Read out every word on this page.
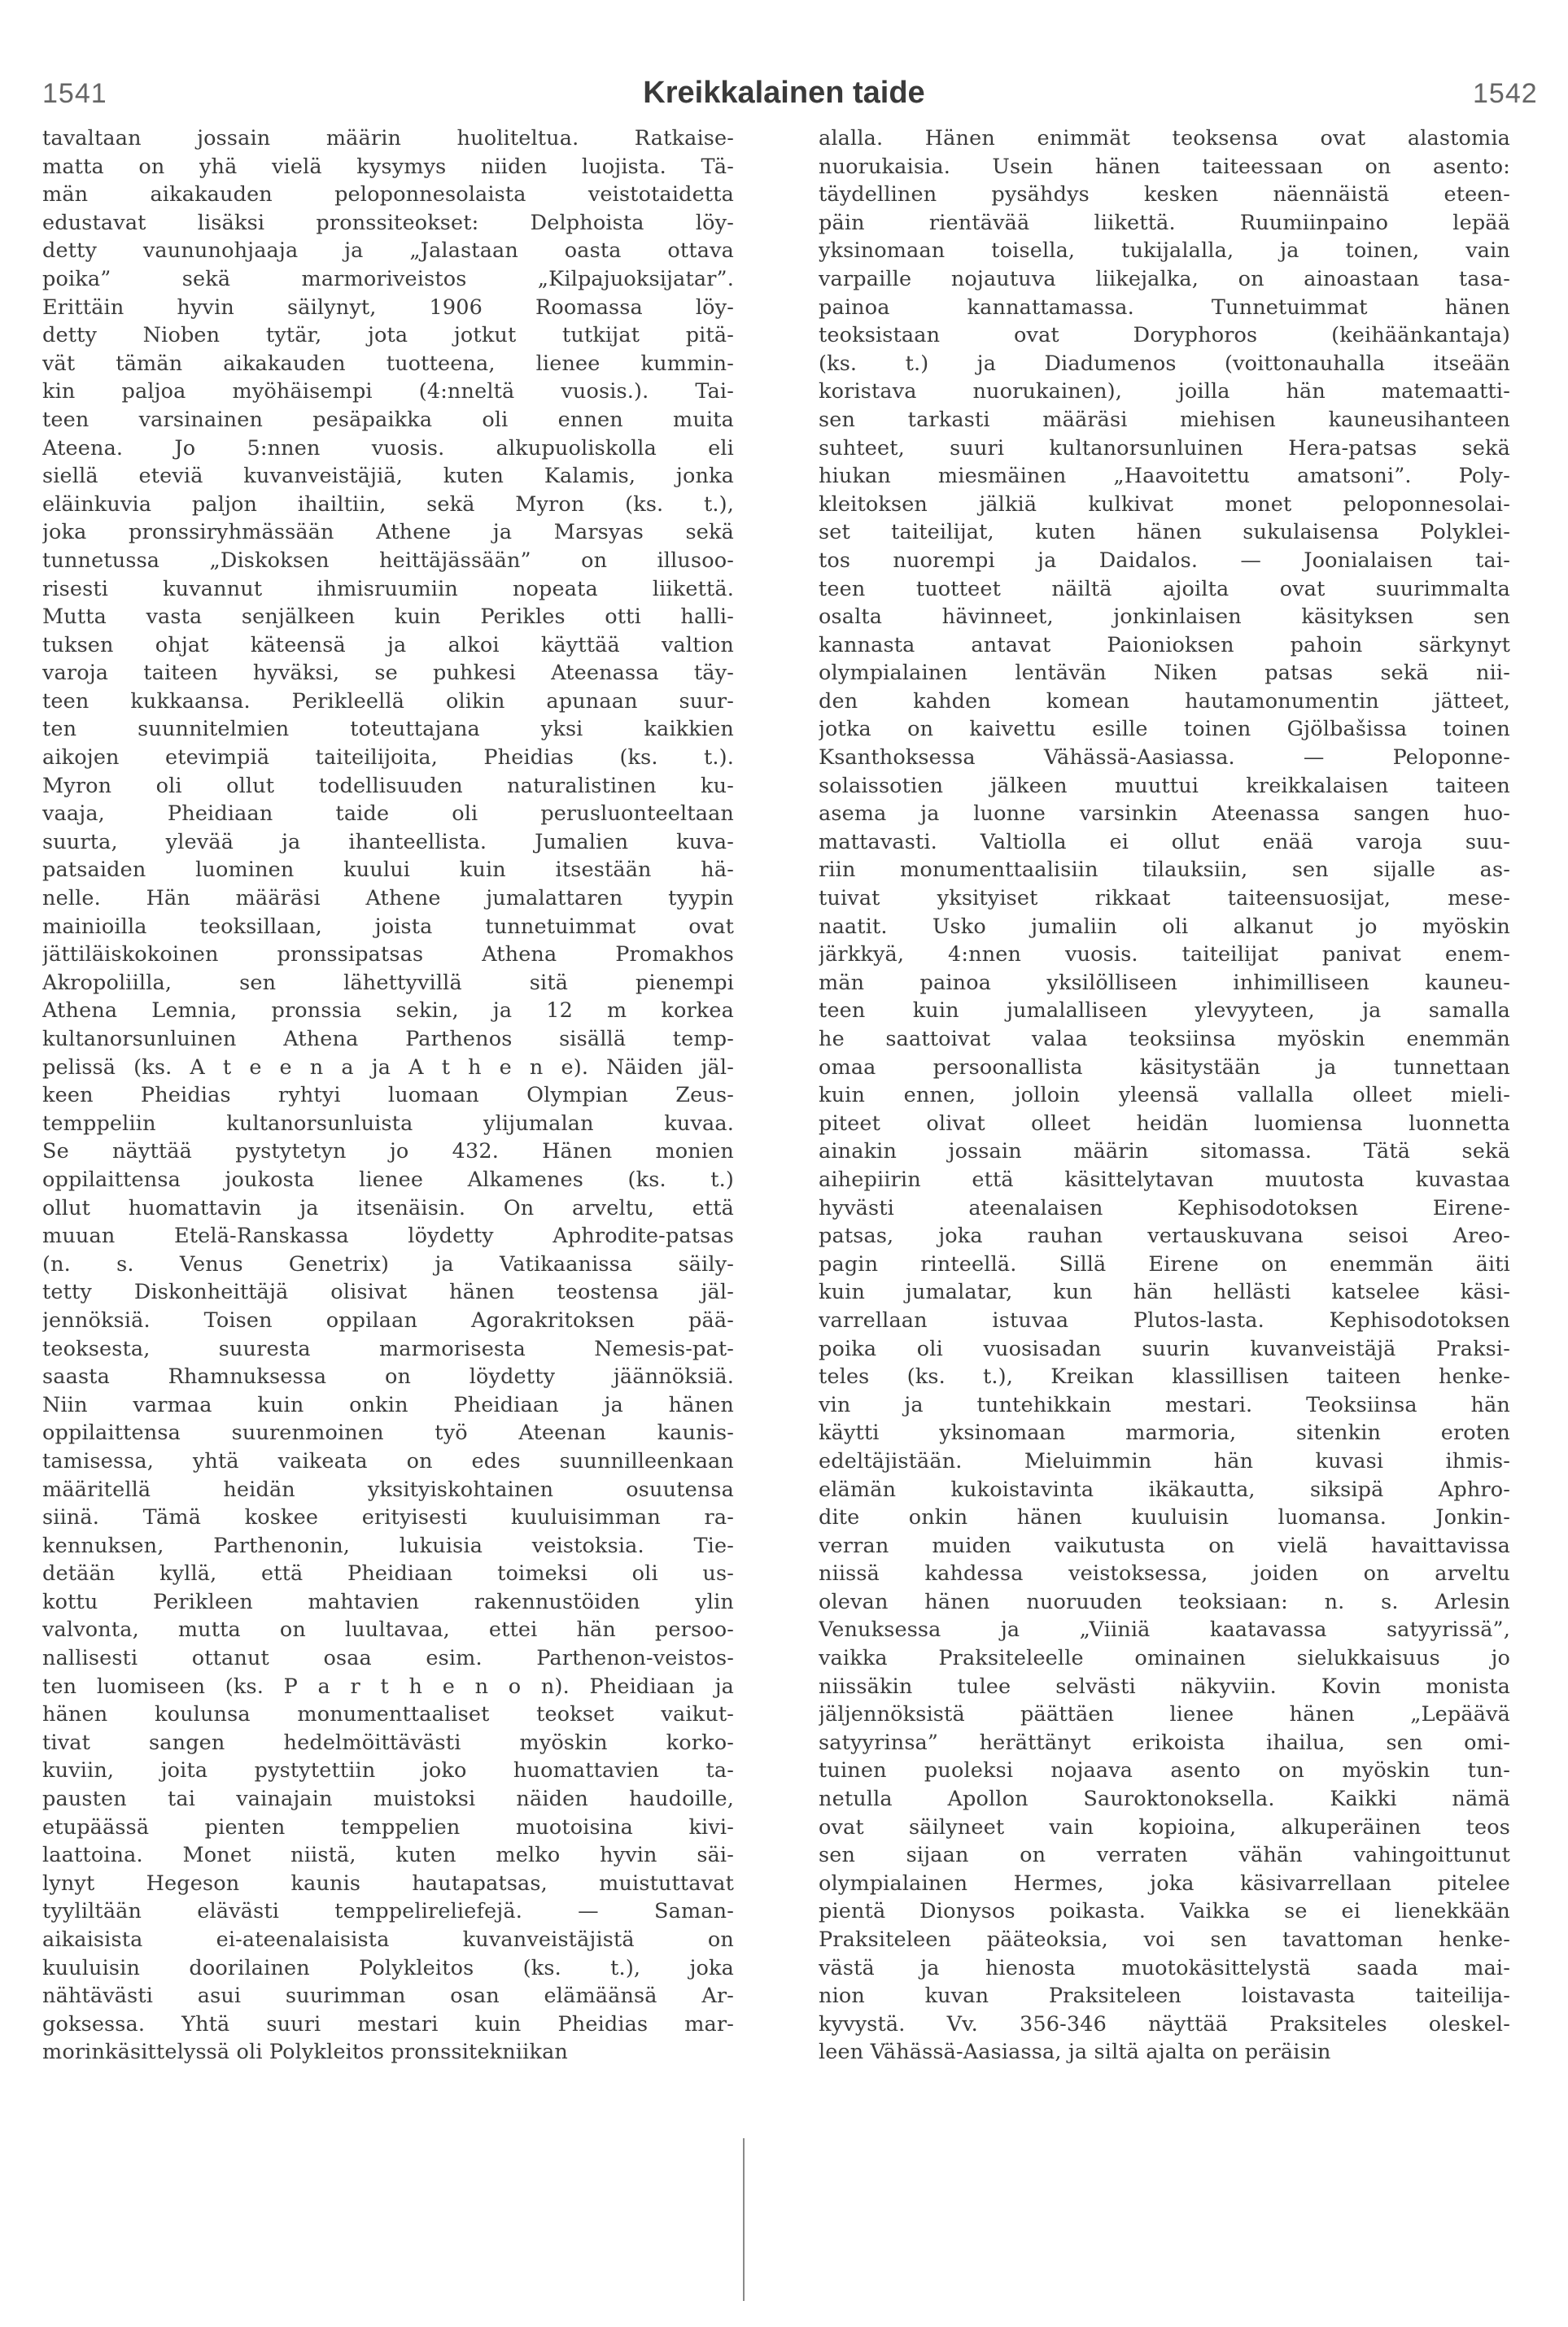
1541	Kreikkalainen taide	1542
tavaltaan jossain määrin huoliteltua. Ratkaise-
matta on yhä vielä kysymys niiden luojista. Tä-
män aikakauden peloponnesolaista veistotaidetta
edustavat lisäksi pronssiteokset: Delphoista löy-
detty vaununohjaaja ja „Jalastaan oasta ottava
poika” sekä marmoriveistos „Kilpajuoksijatar”.
Erittäin hyvin säilynyt, 1906 Roomassa löy-
detty Nioben tytär, jota jotkut tutkijat pitä-
vät tämän aikakauden tuotteena, lienee kummin-
kin paljoa myöhäisempi (4:nneltä vuosis.). Tai-
teen varsinainen pesäpaikka oli ennen muita
Ateena. Jo 5:nnen vuosis. alkupuoliskolla eli
siellä eteviä kuvanveistäjiä, kuten Kalamis, jonka
eläinkuvia paljon ihailtiin, sekä Myron (ks. t.),
joka pronssiryhmässään Athene ja Marsyas sekä
tunnetussa „Diskoksen heittäjässään” on illusoo-
risesti kuvannut ihmisruumiin nopeata liikettä.
Mutta vasta senjälkeen kuin Perikles otti halli-
tuksen ohjat käteensä ja alkoi käyttää valtion
varoja taiteen hyväksi, se puhkesi Ateenassa täy-
teen kukkaansa. Perikleellä olikin apunaan suur-
ten suunnitelmien toteuttajana yksi kaikkien
aikojen etevimpiä taiteilijoita, Pheidias (ks. t.).
Myron oli ollut todellisuuden naturalistinen ku-
vaaja, Pheidiaan taide oli perusluonteeltaan
suurta, ylevää ja ihanteellista. Jumalien kuva-
patsaiden luominen kuului kuin itsestään hä-
nelle. Hän määräsi Athene jumalattaren tyypin
mainioilla teoksillaan, joista tunnetuimmat ovat
jättiläiskokoinen pronssipatsas Athena Promakhos
Akropoliilla, sen lähettyvillä sitä pienempi
Athena Lemnia, pronssia sekin, ja 12 m korkea
kultanorsunluinen Athena Parthenos sisällä temp-
pelissä (ks. A t e e n a ja A t h e n e). Näiden jäl-
keen Pheidias ryhtyi luomaan Olympian Zeus-
temppeliin kultanorsunluista ylijumalan kuvaa.
Se näyttää pystytetyn jo 432. Hänen monien
oppilaittensa joukosta lienee Alkamenes (ks. t.)
ollut huomattavin ja itsenäisin. On arveltu, että
muuan Etelä-Ranskassa löydetty Aphrodite-patsas
(n. s. Venus Genetrix) ja Vatikaanissa säily-
tetty Diskonheittäjä olisivat hänen teostensa jäl-
jennöksiä. Toisen oppilaan Agorakritoksen pää-
teoksesta, suuresta marmorisesta Nemesis-pat-
saasta Rhamnuksessa on löydetty jäännöksiä.
Niin varmaa kuin onkin Pheidiaan ja hänen
oppilaittensa suurenmoinen työ Ateenan kaunis-
tamisessa, yhtä vaikeata on edes suunnilleenkaan
määritellä heidän yksityiskohtainen osuutensa
siinä. Tämä koskee erityisesti kuuluisimman ra-
kennuksen, Parthenonin, lukuisia veistoksia. Tie-
detään kyllä, että Pheidiaan toimeksi oli us-
kottu Perikleen mahtavien rakennustöiden ylin
valvonta, mutta on luultavaa, ettei hän persoo-
nallisesti ottanut osaa esim. Parthenon-veistos-
ten luomiseen (ks. P a r t h e n o n). Pheidiaan ja
hänen koulunsa monumenttaaliset teokset vaikut-
tivat sangen hedelmöittävästi myöskin korko-
kuviin, joita pystytettiin joko huomattavien ta-
pausten tai vainajain muistoksi näiden haudoille,
etupäässä pienten temppelien muotoisina kivi-
laattoina. Monet niistä, kuten melko hyvin säi-
lynyt Hegeson kaunis hautapatsas, muistuttavat
tyyliltään elävästi temppelireliefejä. — Saman-
aikaisista ei-ateenalaisista kuvanveistäjistä on
kuuluisin doorilainen Polykleitos (ks. t.), joka
nähtävästi asui suurimman osan elämäänsä Ar-
goksessa. Yhtä suuri mestari kuin Pheidias mar-
morinkäsittelyssä oli Polykleitos pronssitekniikan
alalla. Hänen enimmät teoksensa ovat alastomia
nuorukaisia. Usein hänen taiteessaan on asento:
täydellinen pysähdys kesken näennäistä eteen-
päin rientävää liikettä. Ruumiinpaino lepää
yksinomaan toisella, tukijalalla, ja toinen, vain
varpaille nojautuva liikejalka, on ainoastaan tasa-
painoa kannattamassa. Tunnetuimmat hänen
teoksistaan ovat Doryphoros (keihäänkantaja)
(ks. t.) ja Diadumenos (voittonauhalla itseään
koristava nuorukainen), joilla hän matemaatti-
sen tarkasti määräsi miehisen kauneusihanteen
suhteet, suuri kultanorsunluinen Hera-patsas sekä
hiukan miesmäinen „Haavoitettu amatsoni”. Poly-
kleitoksen jälkiä kulkivat monet peloponnesolai-
set taiteilijat, kuten hänen sukulaisensa Polyklei-
tos nuorempi ja Daidalos. — Joonialaisen tai-
teen tuotteet näiltä ajoilta ovat suurimmalta
osalta hävinneet, jonkinlaisen käsityksen sen
kannasta antavat Paionioksen pahoin särkynyt
olympialainen lentävän Niken patsas sekä nii-
den kahden komean hautamonumentin jätteet,
jotka on kaivettu esille toinen Gjölbašissa toinen
Ksanthoksessa Vähässä-Aasiassa. — Peloponne-
solaissotien jälkeen muuttui kreikkalaisen taiteen
asema ja luonne varsinkin Ateenassa sangen huo-
mattavasti. Valtiolla ei ollut enää varoja suu-
riin monumenttaalisiin tilauksiin, sen sijalle as-
tuivat yksityiset rikkaat taiteensuosijat, mese-
naatit. Usko jumaliin oli alkanut jo myöskin
järkkyä, 4:nnen vuosis. taiteilijat panivat enem-
män painoa yksilölliseen inhimilliseen kauneu-
teen kuin jumalalliseen ylevyyteen, ja samalla
he saattoivat valaa teoksiinsa myöskin enemmän
omaa persoonallista käsitystään ja tunnettaan
kuin ennen, jolloin yleensä vallalla olleet mieli-
piteet olivat olleet heidän luomiensa luonnetta
ainakin jossain määrin sitomassa. Tätä sekä
aihepiirin että käsittelytavan muutosta kuvastaa
hyvästi ateenalaisen Kephisodotoksen Eirene-
patsas, joka rauhan vertauskuvana seisoi Areo-
pagin rinteellä. Sillä Eirene on enemmän äiti
kuin jumalatar, kun hän hellästi katselee käsi-
varrellaan istuvaa Plutos-lasta. Kephisodotoksen
poika oli vuosisadan suurin kuvanveistäjä Praksi-
teles (ks. t.), Kreikan klassillisen taiteen henke-
vin ja tuntehikkain mestari. Teoksiinsa hän
käytti yksinomaan marmoria, sitenkin eroten
edeltäjistään. Mieluimmin hän kuvasi ihmis-
elämän kukoistavinta ikäkautta, siksipä Aphro-
dite onkin hänen kuuluisin luomansa. Jonkin-
verran muiden vaikutusta on vielä havaittavissa
niissä kahdessa veistoksessa, joiden on arveltu
olevan hänen nuoruuden teoksiaan: n. s. Arlesin
Venuksessa ja „Viiniä kaatavassa satyyrissä”,
vaikka Praksiteleelle ominainen sielukkaisuus jo
niissäkin tulee selvästi näkyviin. Kovin monista
jäljennöksistä päättäen lienee hänen „Lepäävä
satyyrinsa” herättänyt erikoista ihailua, sen omi-
tuinen puoleksi nojaava asento on myöskin tun-
netulla Apollon Sauroktonoksella. Kaikki nämä
ovat säilyneet vain kopioina, alkuperäinen teos
sen sijaan on verraten vähän vahingoittunut
olympialainen Hermes, joka käsivarrellaan pitelee
pientä Dionysos poikasta. Vaikka se ei lienekkään
Praksiteleen pääteoksia, voi sen tavattoman henke-
västä ja hienosta muotokäsittelystä saada mai-
nion kuvan Praksiteleen loistavasta taiteilija-
kyvystä. Vv. 356-346 näyttää Praksiteles oleskel-
leen Vähässä-Aasiassa, ja siltä ajalta on peräisin
